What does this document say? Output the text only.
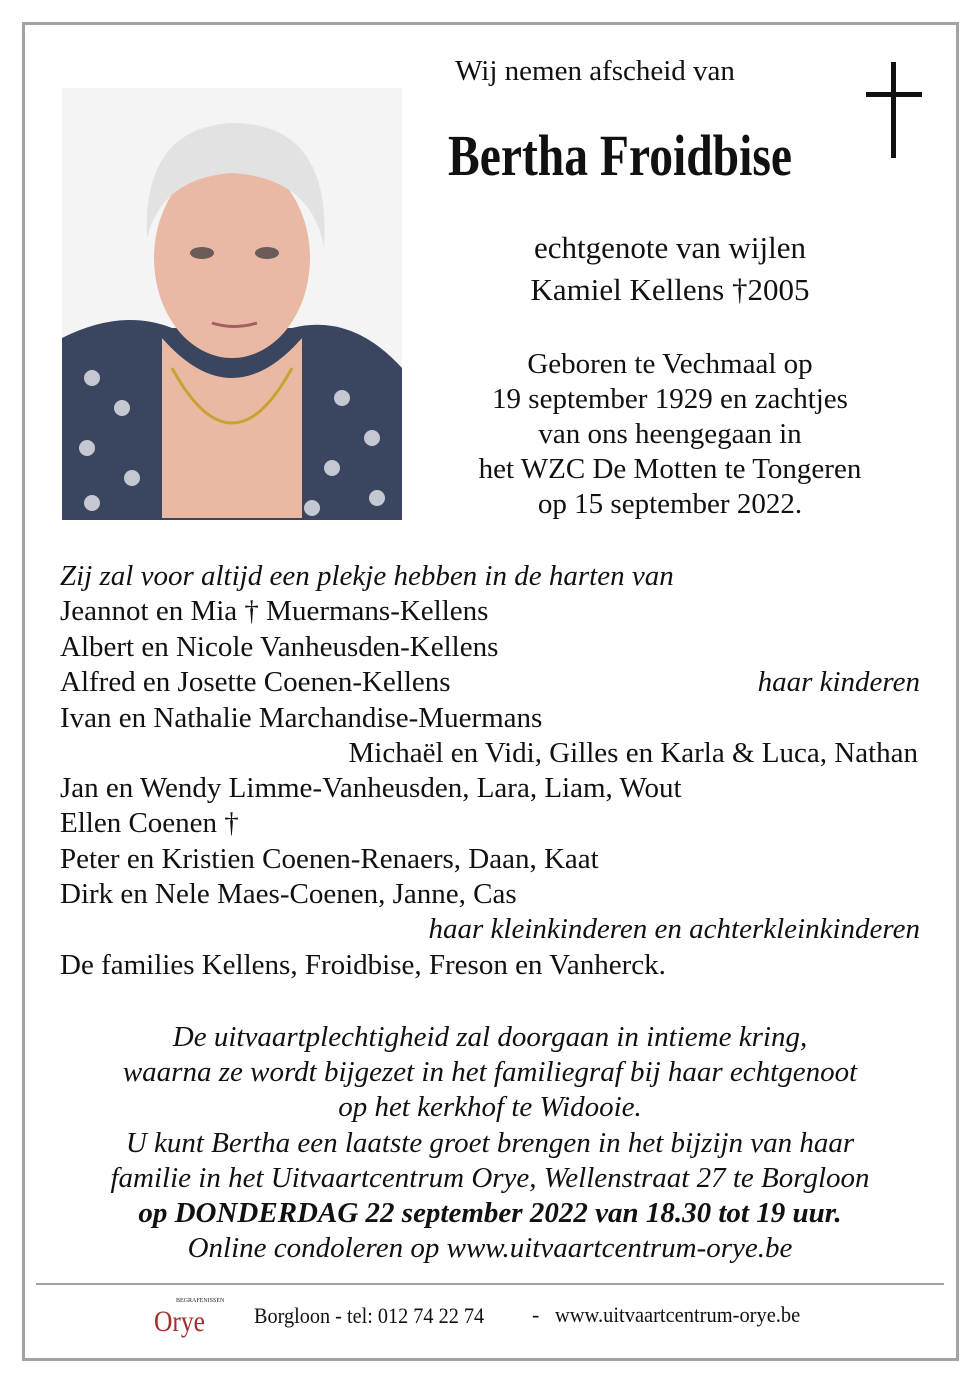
Wij nemen afscheid van
Bertha Froidbise
echtgenote van wijlen
Kamiel Kellens †2005
Geboren te Vechmaal op
19 september 1929 en zachtjes
van ons heengegaan in
het WZC De Motten te Tongeren
op 15 september 2022.
Zij zal voor altijd een plekje hebben in de harten van
Jeannot en Mia † Muermans-Kellens
Albert en Nicole Vanheusden-Kellens
Alfred en Josette Coenen-Kellens	haar kinderen
Ivan en Nathalie Marchandise-Muermans
Michaël en Vidi, Gilles en Karla & Luca, Nathan
Jan en Wendy Limme-Vanheusden, Lara, Liam, Wout
Ellen Coenen †
Peter en Kristien Coenen-Renaers, Daan, Kaat
Dirk en Nele Maes-Coenen, Janne, Cas
haar kleinkinderen en achterkleinkinderen
De families Kellens, Froidbise, Freson en Vanherck.
De uitvaartplechtigheid zal doorgaan in intieme kring,
waarna ze wordt bijgezet in het familiegraf bij haar echtgenoot
op het kerkhof te Widooie.
U kunt Bertha een laatste groet brengen in het bijzijn van haar
familie in het Uitvaartcentrum Orye, Wellenstraat 27 te Borgloon
op DONDERDAG 22 september 2022 van 18.30 tot 19 uur.
Online condoleren op www.uitvaartcentrum-orye.be
BEGRAFENISSEN
Orye Borgloon - tel: 012 74 22 74 - www.uitvaartcentrum-orye.be
